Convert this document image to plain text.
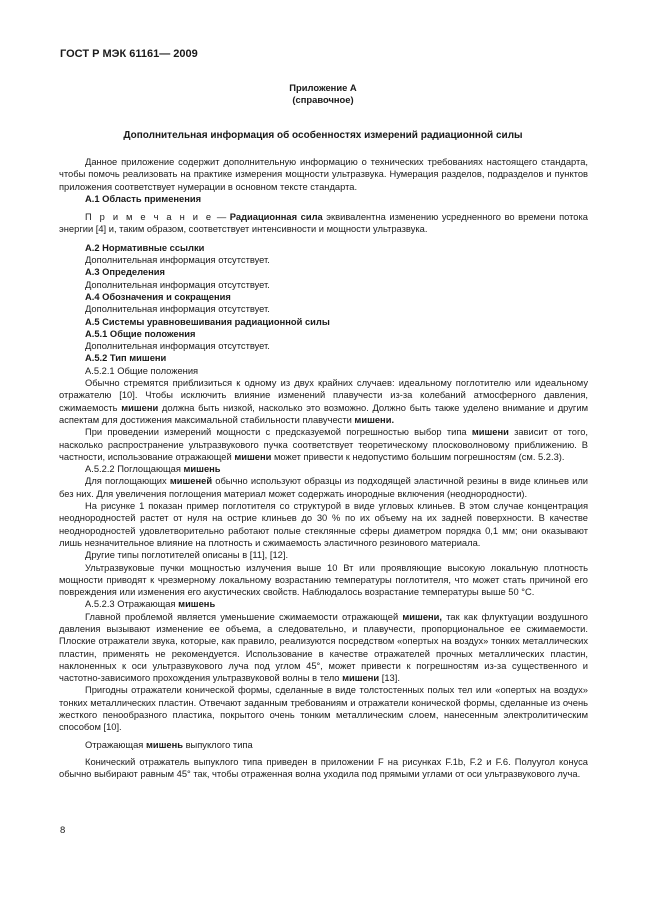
ГОСТ Р МЭК 61161— 2009
Приложение А
(справочное)
Дополнительная информация об особенностях измерений радиационной силы

Данное приложение содержит дополнительную информацию о технических требованиях настоящего стандарта, чтобы помочь реализовать на практике измерения мощности ультразвука. Нумерация разделов, подразделов и пунктов приложения соответствует нумерации в основном тексте стандарта.

А.1 Область применения

П р и м е ч а н и е — Радиационная сила эквивалентна изменению усредненного во времени потока энергии [4] и, таким образом, соответствует интенсивности и мощности ультразвука.

А.2 Нормативные ссылки

Дополнительная информация отсутствует.

А.3 Определения

Дополнительная информация отсутствует.

А.4 Обозначения и сокращения

Дополнительная информация отсутствует.

А.5 Системы уравновешивания радиационной силы

А.5.1 Общие положения

Дополнительная информация отсутствует.

А.5.2 Тип мишени

А.5.2.1 Общие положения

Обычно стремятся приблизиться к одному из двух крайних случаев: идеальному поглотителю или идеальному отражателю [10]. Чтобы исключить влияние изменений плавучести из-за колебаний атмосферного давления, сжимаемость мишени должна быть низкой, насколько это возможно. Должно быть также уделено внимание и другим аспектам для достижения максимальной стабильности плавучести мишени.

При проведении измерений мощности с предсказуемой погрешностью выбор типа мишени зависит от того, насколько распространение ультразвукового пучка соответствует теоретическому плосковолновому приближению. В частности, использование отражающей мишени может привести к недопустимо большим погрешностям (см. 5.2.3).

А.5.2.2 Поглощающая мишень

Для поглощающих мишеней обычно используют образцы из подходящей эластичной резины в виде клиньев или без них. Для увеличения поглощения материал может содержать инородные включения (неоднородности).

На рисунке 1 показан пример поглотителя со структурой в виде угловых клиньев. В этом случае концентрация неоднородностей растет от нуля на острие клиньев до 30 % по их объему на их задней поверхности. В качестве неоднородностей удовлетворительно работают полые стеклянные сферы диаметром порядка 0,1 мм; они оказывают лишь незначительное влияние на плотность и сжимаемость эластичного резинового материала.

Другие типы поглотителей описаны в [11], [12].

Ультразвуковые пучки мощностью излучения выше 10 Вт или проявляющие высокую локальную плотность мощности приводят к чрезмерному локальному возрастанию температуры поглотителя, что может стать причиной его повреждения или изменения его акустических свойств. Наблюдалось возрастание температуры выше 50 °С.

А.5.2.3 Отражающая мишень

Главной проблемой является уменьшение сжимаемости отражающей мишени, так как флуктуации воздушного давления вызывают изменение ее объема, а следовательно, и плавучести, пропорциональное ее сжимаемости. Плоские отражатели звука, которые, как правило, реализуются посредством «опертых на воздух» тонких металлических пластин, применять не рекомендуется. Использование в качестве отражателей прочных металлических пластин, наклоненных к оси ультразвукового луча под углом 45°, может привести к погрешностям из-за существенного и частотно-зависимого прохождения ультразвуковой волны в тело мишени [13].

Пригодны отражатели конической формы, сделанные в виде толстостенных полых тел или «опертых на воздух» тонких металлических пластин. Отвечают заданным требованиям и отражатели конической формы, сделанные из очень жесткого пенообразного пластика, покрытого очень тонким металлическим слоем, нанесенным электролитическим способом [10].

Отражающая мишень выпуклого типа

Конический отражатель выпуклого типа приведен в приложении F на рисунках F.1b, F.2 и F.6. Полуугол конуса обычно выбирают равным 45° так, чтобы отраженная волна уходила под прямыми углами от оси ультразвукового луча.

8
